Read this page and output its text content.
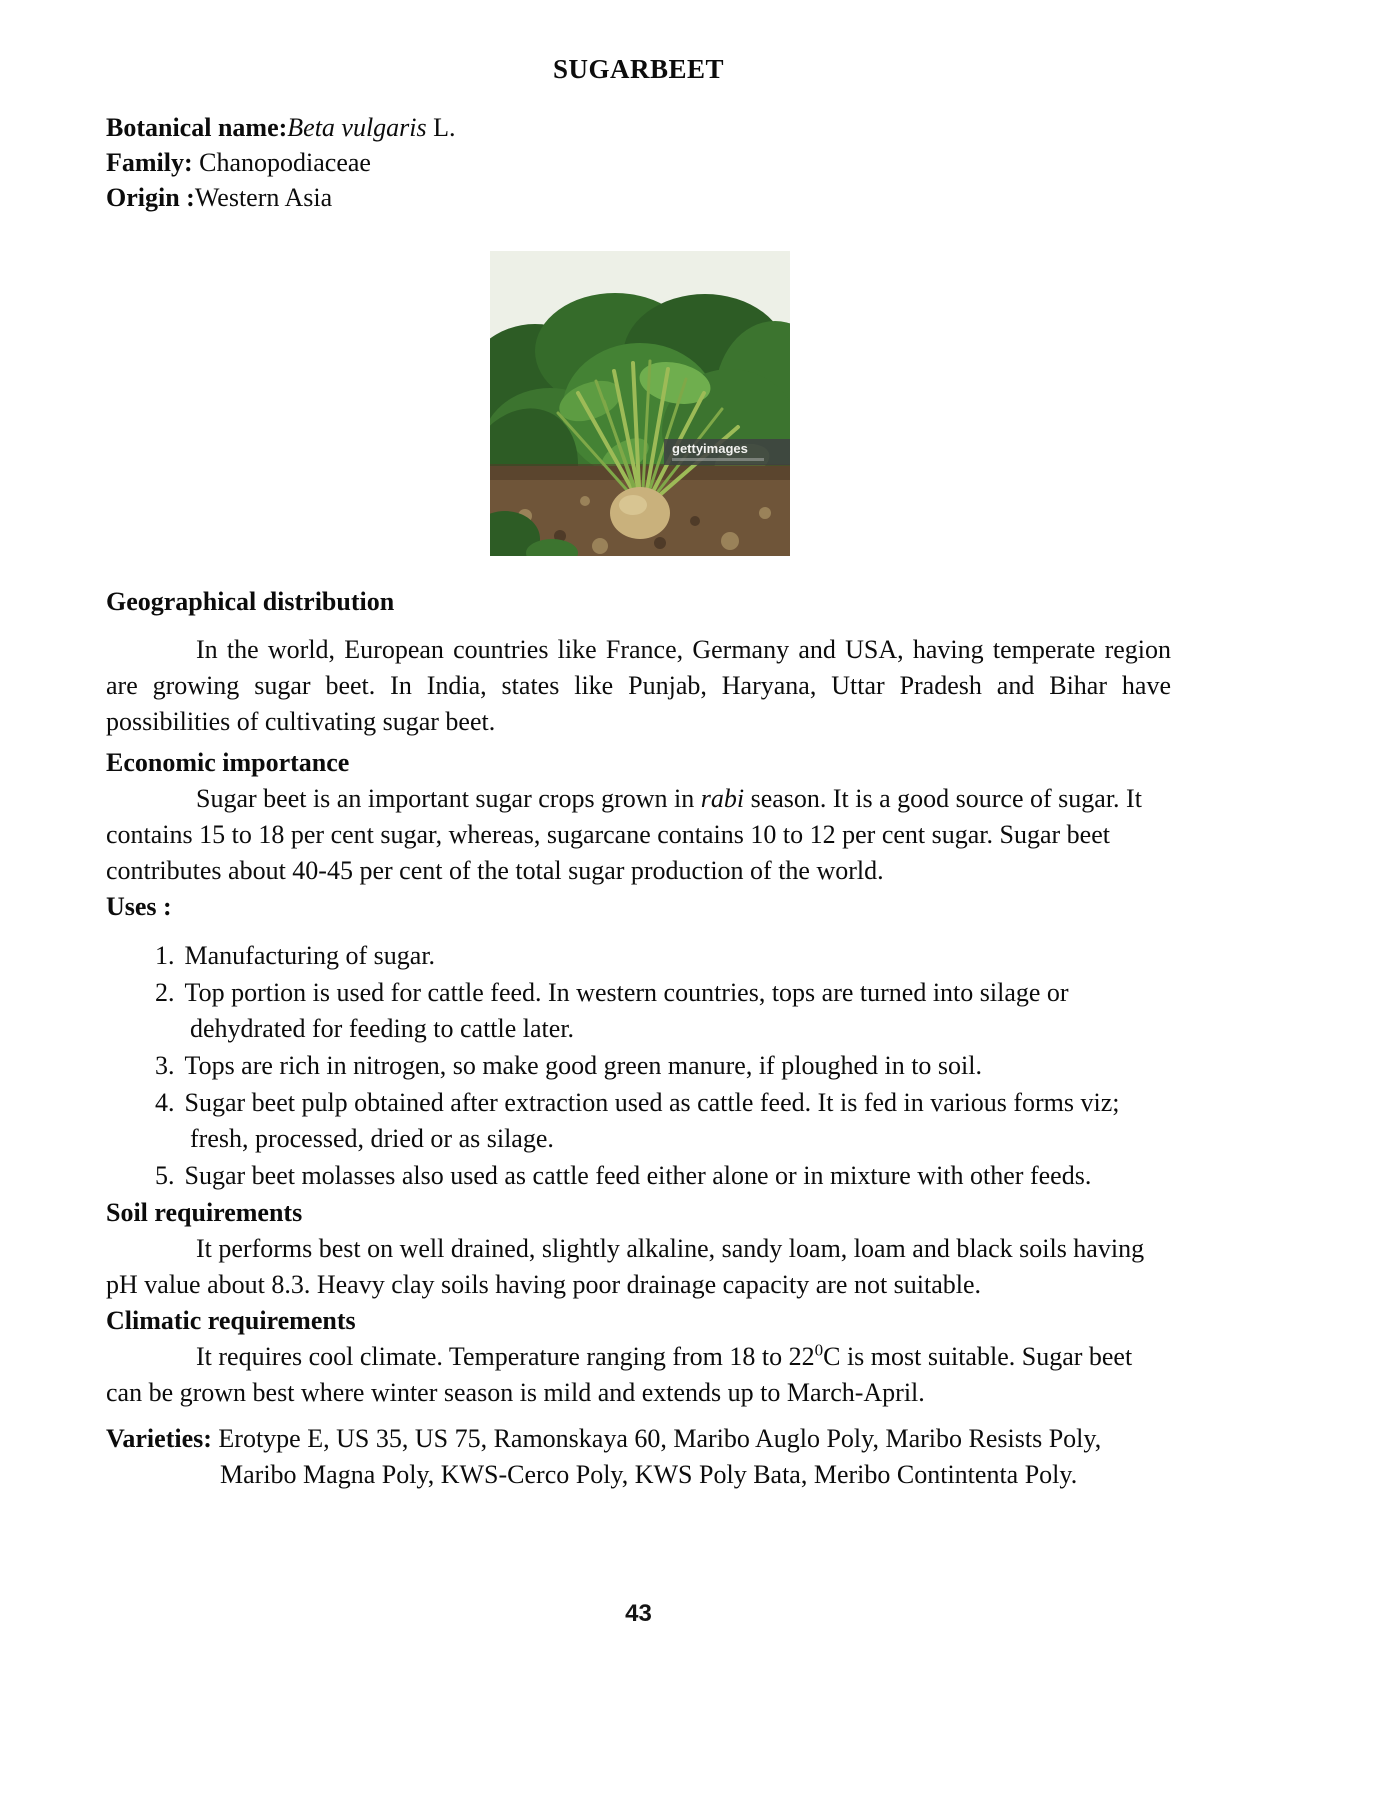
SUGARBEET

Botanical name:Beta vulgaris L.

Family: Chanopodiaceae

Origin :Western Asia

gettyimages
Geographical distribution

In the world, European countries like France, Germany and USA, having temperate region are growing sugar beet. In India, states like Punjab, Haryana, Uttar Pradesh and Bihar have possibilities of cultivating sugar beet.

Economic importance

Sugar beet is an important sugar crops grown in rabi season. It is a good source of sugar. It contains 15 to 18 per cent sugar, whereas, sugarcane contains 10 to 12 per cent sugar. Sugar beet contributes about 40-45 per cent of the total sugar production of the world.

Uses :
1. Manufacturing of sugar.
2. Top portion is used for cattle feed. In western countries, tops are turned into silage or dehydrated for feeding to cattle later.
3. Tops are rich in nitrogen, so make good green manure, if ploughed in to soil.
4. Sugar beet pulp obtained after extraction used as cattle feed. It is fed in various forms viz; fresh, processed, dried or as silage.
5. Sugar beet molasses also used as cattle feed either alone or in mixture with other feeds.
Soil requirements

It performs best on well drained, slightly alkaline, sandy loam, loam and black soils having pH value about 8.3. Heavy clay soils having poor drainage capacity are not suitable.

Climatic requirements

It requires cool climate. Temperature ranging from 18 to $22^0C$ is most suitable. Sugar beet can be grown best where winter season is mild and extends up to March-April.

Varieties: Erotype E, US 35, US 75, Ramonskaya 60, Maribo Auglo Poly, Maribo Resists Poly, Maribo Magna Poly, KWS-Cerco Poly, KWS Poly Bata, Meribo Contintenta Poly.

43
